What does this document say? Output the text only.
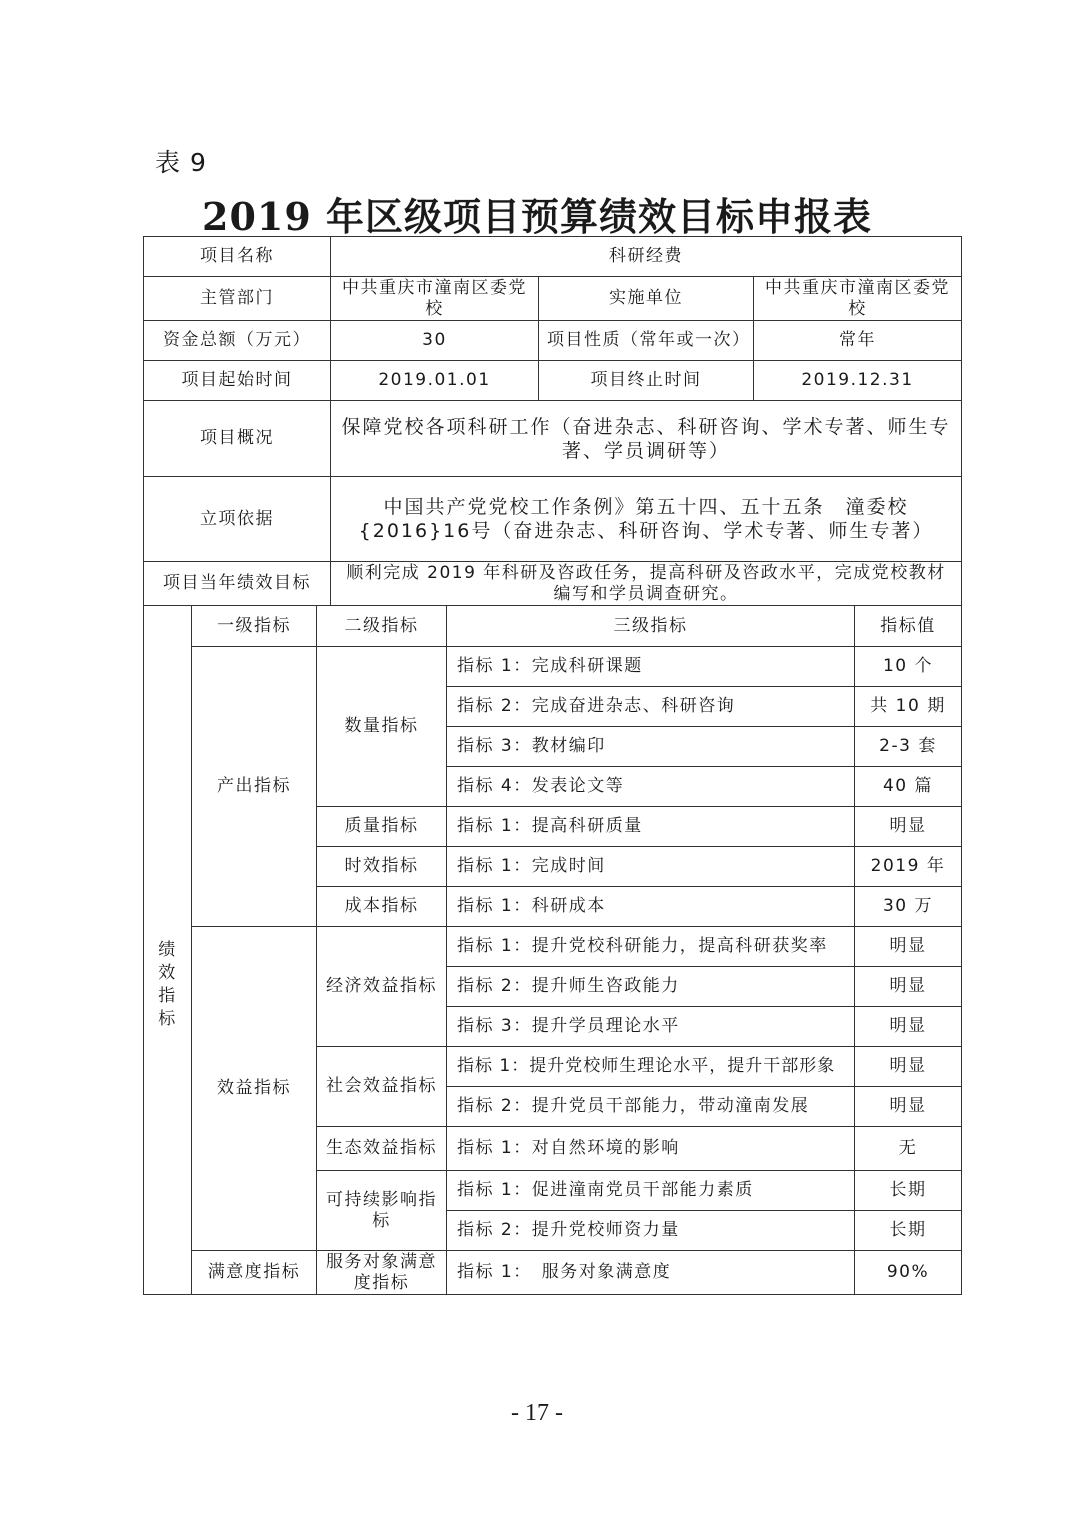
表 9
2019 年区级项目预算绩效目标申报表
项目名称	科研经费		
主管部门	中共重庆市潼南区委党校	实施单位	中共重庆市潼南区委党校
资金总额（万元）	30	项目性质（常年或一次）	常年
项目起始时间	2019.01.01	项目终止时间	2019.12.31
项目概况	保障党校各项科研工作（奋进杂志、科研咨询、学术专著、师生专著、学员调研等）		
立项依据	中国共产党党校工作条例》第五十四、五十五条　潼委校{2016}16号（奋进杂志、科研咨询、学术专著、师生专著）		
项目当年绩效目标	顺利完成 2019 年科研及咨政任务，提高科研及咨政水平，完成党校教材编写和学员调查研究。		
绩效指标	一级指标	二级指标	三级指标	指标值
	产出指标	数量指标	指标 1：完成科研课题	10 个
			指标 2：完成奋进杂志、科研咨询	共 10 期
			指标 3：教材编印	2-3 套
			指标 4：发表论文等	40 篇
		质量指标	指标 1：提高科研质量	明显
		时效指标	指标 1：完成时间	2019 年
		成本指标	指标 1：科研成本	30 万
	效益指标	经济效益指标	指标 1：提升党校科研能力，提高科研获奖率	明显
			指标 2：提升师生咨政能力	明显
			指标 3：提升学员理论水平	明显
		社会效益指标	指标 1：提升党校师生理论水平，提升干部形象	明显
			指标 2：提升党员干部能力，带动潼南发展	明显
		生态效益指标	指标 1：对自然环境的影响	无
		可持续影响指标	指标 1：促进潼南党员干部能力素质	长期
			指标 2：提升党校师资力量	长期
	满意度指标	服务对象满意度指标	指标 1：　服务对象满意度	90%
- 17 -
